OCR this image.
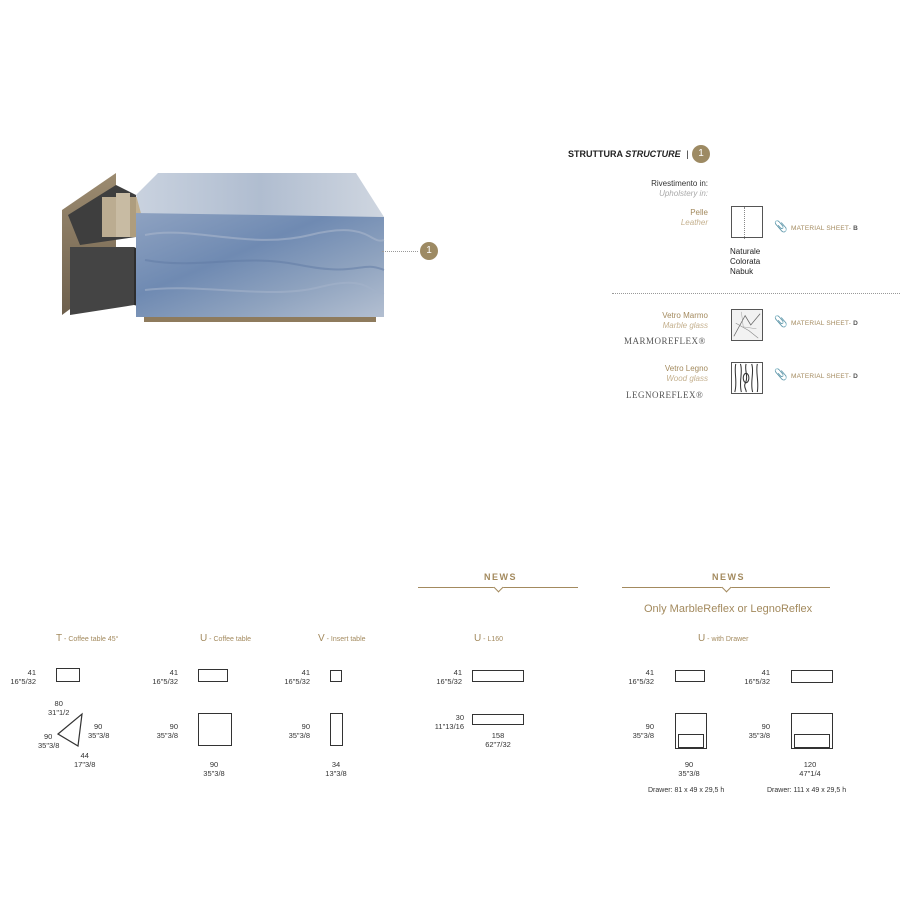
1
STRUTTURA STRUCTURE | 1
Rivestimento in:
Upholstery in:
Pelle
Leather	📎 MATERIAL SHEET- B
Naturale
Colorata
Nabuk
Vetro Marmo
Marble glass
MARMOREFLEX®
📎 MATERIAL SHEET- D
Vetro Legno
Wood glass
LEGNOREFLEX®
📎 MATERIAL SHEET- D
NEWS	NEWS
Only MarbleReflex or LegnoReflex
T - Coffee table 45°	U - Coffee table	V - Insert table	U - L160	U - with Drawer
41
16"5/32
80
31"1/2
90
35"3/8
90
35"3/8
44
17"3/8
41
16"5/32
90
35"3/8
90
35"3/8
41
16"5/32
90
35"3/8
34
13"3/8
41
16"5/32
30
11"13/16
158
62"7/32
41
16"5/32
90
35"3/8
90
35"3/8
Drawer: 81 x 49 x 29,5 h
41
16"5/32
90
35"3/8
120
47"1/4
Drawer: 111 x 49 x 29,5 h
